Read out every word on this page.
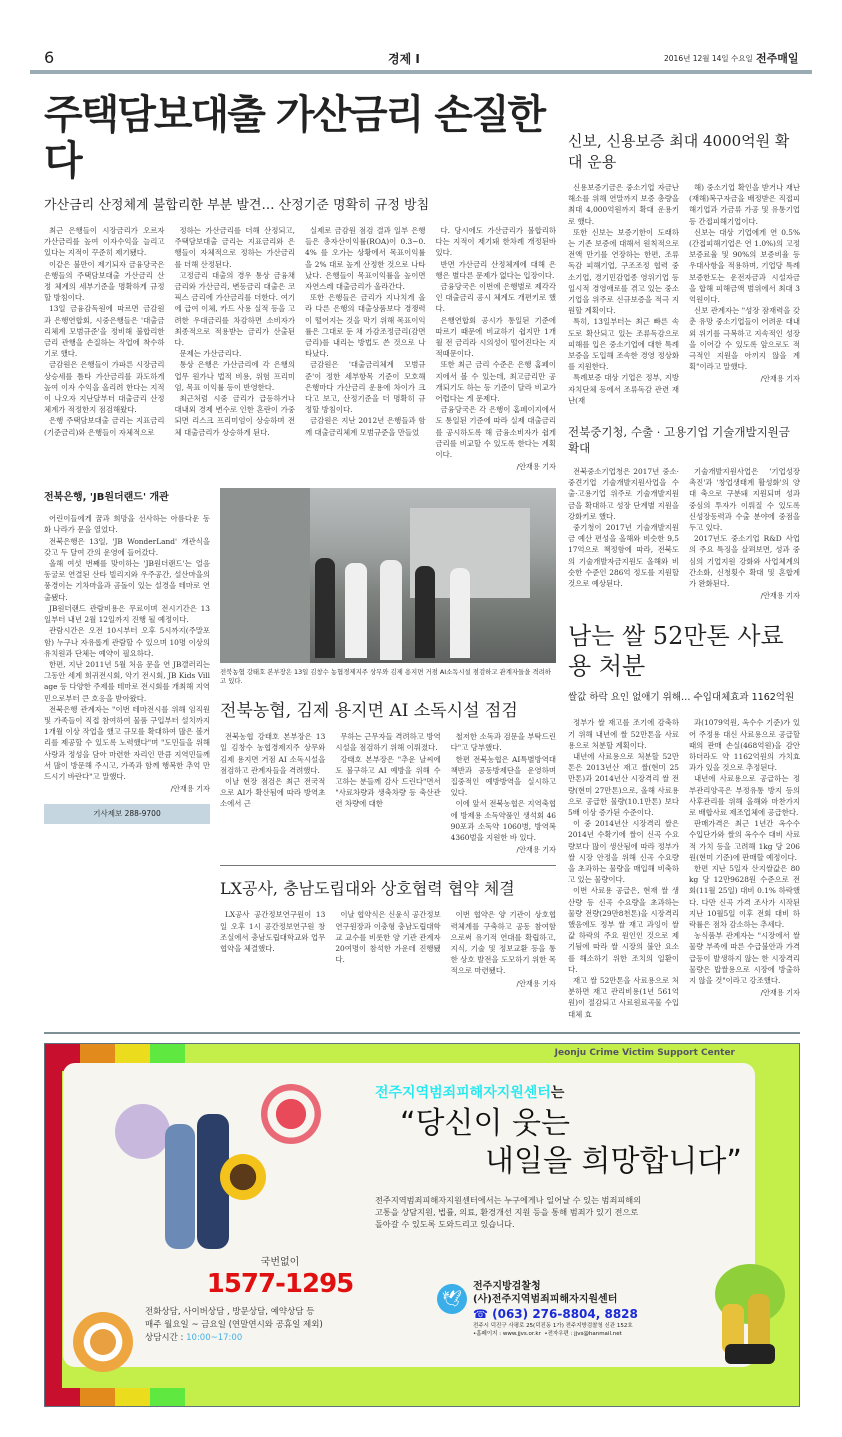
6	경제 I	2016년 12월 14일 수요일 전주매일
주택담보대출 가산금리 손질한다
가산금리 산정체계 불합리한 부분 발견… 산정기준 명확히 규정 방침

최근 은행들이 시장금리가 오르자 가산금리를 높여 이자수익을 늘리고 있다는 지적이 꾸준히 제기됐다.

이같은 불만이 제기되자 금융당국은 은행들의 주택담보대출 가산금리 산정 체계의 세부기준을 명확하게 규정할 방침이다.

13일 금융감독원에 따르면 금감원과 은행연합회, 시중은행들은 '대출금리체계 모범규준'을 정비해 불합리한 금리 관행을 손질하는 작업에 착수하기로 했다.

금감원은 은행들이 가파른 시장금리 상승세를 틈타 가산금리를 과도하게 높여 이자 수익을 올리려 한다는 지적이 나오자 지난달부터 대출금리 산정체계가 적정한지 점검해왔다.

은행 주택담보대출 금리는 지표금리(기준금리)와 은행들이 자체적으로

정하는 가산금리를 더해 산정되고, 주택담보대출 금리는 지표금리와 은행들이 자체적으로 정하는 가산금리를 더해 산정된다.

고정금리 대출의 경우 통상 금융채 금리와 가산금리, 변동금리 대출은 코픽스 금리에 가산금리를 더한다. 여기에 급여 이체, 카드 사용 실적 등을 고려한 우대금리를 차감하면 소비자가 최종적으로 적용받는 금리가 산출된다.

문제는 가산금리다.

통상 은행은 가산금리에 각 은행의 업무 원가나 법적 비용, 위험 프리미엄, 목표 이익률 등이 반영한다.

최근처럼 시중 금리가 급등하거나 대내외 경제 변수로 인한 혼란이 가중되면 리스크 프리미엄이 상승하며 전체 대출금리가 상승하게 된다.

실제로 금감원 점검 결과 일부 은행들은 총자산이익률(ROA)이 0.3~0.4% 를 오가는 상황에서 목표이익률을 2% 대로 높게 산정한 것으로 나타났다. 은행들이 목표이익률을 높이면 자연스레 대출금리가 올라간다.

또한 은행들은 금리가 지나치게 올라 다른 은행의 대출상품보다 경쟁력이 떨어지는 것을 막기 위해 목표이익률은 그대로 둔 채 가감조정금리(감면금리)를 내리는 방법도 쓴 것으로 나타났다.

금감원은 '대출금리체계 모범규준'이 정한 세부항목 기준이 모호해 은행마다 가산금리 운용에 차이가 크다고 보고, 산정기준을 더 명확히 규정할 방침이다.

금감원은 지난 2012년 은행들과 함께 대출금리체계 모범규준을 만들었

다. 당시에도 가산금리가 불합리하다는 지적이 제기돼 한차례 개정된바 있다.

반면 가산금리 산정체계에 대해 은행은 별다른 문제가 없다는 입장이다.

금융당국은 이번에 은행별로 제각각인 대출금리 공시 체계도 개편키로 했다.

은행연합회 공시가 통일된 기준에 따르기 때문에 비교하기 쉽지만 1개월 전 금리라 시의성이 떨어진다는 지적때문이다.

또한 최근 금리 수준은 은행 홈페이지에서 볼 수 있는데, 최고금리만 공개되기도 하는 등 기준이 달라 비교가 어렵다는 게 문제다.

금융당국은 각 은행이 홈페이지에서도 통일된 기준에 따라 실제 대출금리를 공시하도록 해 금융소비자가 쉽게 금리를 비교할 수 있도록 한다는 계획이다.

/안재용 기자
전북은행, 'JB원더랜드' 개관

어린이들에게 꿈과 희망을 선사하는 아름다운 동화 나라가 문을 열었다.

전북은행은 13일, 'JB WonderLand' 개관식을 갖고 두 달여 간의 운영에 들어갔다.

올해 여섯 번째를 맞이하는 'JB원더랜드'는 얼음 동굴로 연결된 산타 빌리지와 우주공간, 설산마을의 풍경이는 기차마을과 곰돌이 있는 설경을 테마로 연출됐다.

JB원더랜드 관람비용은 무료이며 전시기간은 13일부터 내년 2월 12일까지 진행 될 예정이다.

관람시간은 오전 10시부터 오후 5시까지(주말포함) 누구나 자유롭게 관람할 수 있으며 10명 이상의 유치원과 단체는 예약이 필요하다.

한편, 지난 2011년 5월 처음 문을 연 JB갤러리는 그동안 세계 희귀전시회, 악기 전시회, JB Kids Village 등 다양한 주제를 테마로 전시회를 개최해 지역민으로부터 큰 호응을 받아왔다.

전북은행 관계자는 "이번 테마전시를 위해 임직원 및 가족들이 직접 참여하여 물품 구입부터 설치까지 1개월 이상 작업을 했고 규모를 확대하여 많은 볼거리를 제공할 수 있도록 노력했다"며 "도민들을 위해 사랑과 정성을 담아 마련한 자리인 만큼 지역민들께서 많이 방문해 주시고, 가족과 함께 행복한 추억 만드시기 바란다"고 말했다.

/안재용 기자
기사제보 288-9700
전북농협 강태호 본부장은 13일 김창수 농협경제지주 상무와 김제 용지면 거점 AI소독시설 점검하고 관계자들을 격려하고 있다.
전북농협, 김제 용지면 AI 소독시설 점검

전북농협 강태호 본부장은 13일 김창수 농협경제지주 상무와 김제 용지면 거점 AI 소독시설을 점검하고 관계자들을 격려했다.

이날 현장 점검은 최근 전국적으로 AI가 확산됨에 따라 방역초소에서 근

무하는 근무자들 격려하고 방역시설을 점검하기 위해 이뤄졌다.

강태호 본부장은 "추운 날씨에도 불구하고 AI 예방을 위해 수고하는 분들께 감사 드린다"면서 "사료차량과 생축차량 등 축산관련 차량에 대한

철저한 소독과 검문을 부탁드린다"고 당부했다.

한편 전북농협은 AI특별방역대책반과 공동방제단을 운영하며 집중적인 예방방역을 실시하고 있다.

이에 앞서 전북농협은 지역축협에 방제용 소독약품인 생석회 4690포과 소독약 1060병, 방역복 4360벌을 지원한 바 있다.

/안재용 기자
LX공사, 충남도립대와 상호협력 협약 체결

LX공사 공간정보연구원이 13일 오후 1시 공간정보연구원 창조실에서 충남도립대학교와 업무협약을 체결했다.

이날 협약식은 신윤식 공간정보연구원장과 이충형 충남도립대학교 교수를 비롯한 양 기관 관계자 20여명이 참석한 가운데 진행됐다.

이번 협약은 양 기관이 상호협력체계를 구축하고 공동 참여함으로써 유기적 연대를 확립하고, 지식, 기술 및 정보교환 등을 통한 상호 발전을 도모하기 위한 목적으로 마련됐다.

/안재용 기자
신보, 신용보증 최대 4000억원 확대 운용

신용보증기금은 중소기업 자금난 해소를 위해 연말까지 보증 총량을 최대 4,000억원까지 확대 운용키로 했다.

또한 신보는 보증기한이 도래하는 기존 보증에 대해서 원칙적으로 전액 만기를 연장하는 한편, 조류독감 피해기업, 구조조정 협력 중소기업, 경기민감업종 영위기업 등 일시적 경영애로를 겪고 있는 중소기업을 위주로 신규보증을 적극 지원할 계획이다.

특히, 13일부터는 최근 빠른 속도로 확산되고 있는 조류독감으로 피해를 입은 중소기업에 대한 특례보증을 도입해 조속한 경영 정상화를 지원한다.

특례보증 대상 기업은 정부, 지방자치단체 등에서 조류독감 관련 재난(재

해) 중소기업 확인을 받거나 재난(재해)복구자금을 배정받은 직접피해기업과 가금류 가공 및 유통기업 등 간접피해기업이다.

신보는 대상 기업에게 연 0.5%(간접피해기업은 연 1.0%)의 고정보증료율 및 90%의 보증비율 등 우대사항을 적용하며, 기업당 특례보증한도는 운전자금과 시설자금을 합해 피해금액 범위에서 최대 3억원이다.

신보 관계자는 "성장 잠재력을 갖춘 유망 중소기업들이 어려운 대내외 위기를 극복하고 지속적인 성장을 이어갈 수 있도록 앞으로도 적극적인 지원을 아끼지 않을 계획"이라고 말했다.

/안재용 기자
전북중기청, 수출 · 고용기업 기술개발지원금 확대

전북중소기업청은 2017년 중소·중견기업 기술개발지원사업을 수출·고용기업 위주로 기술개발지원금을 확대하고 성장 단계별 지원을 강화키로 했다.

중기청이 2017년 기술개발지원금 예산 편성을 올해와 비슷한 9,517억으로 책정함에 따라, 전북도의 기술개발자금지원도 올해와 비슷한 수준인 286억 정도를 지원할 것으로 예상된다.

기술개발지원사업은 '기업성장 촉진'과 '창업생태계 활성화'의 양대 축으로 구분돼 지원되며 성과 중심의 투자가 이뤄질 수 있도록 신성장동력과 수출 분야에 중점을 두고 있다.

2017년도 중소기업 R&D 사업의 주요 특징을 살펴보면, 성과 중심의 기업지원 강화와 사업체계의 간소화, 신청횟수 확대 및 혼합계가 완화된다.

/안재용 기자
남는 쌀 52만톤 사료용 처분
쌀값 하락 요인 없애기 위해… 수입대체효과 1162억원

정부가 쌀 재고를 조기에 감축하기 위해 내년에 쌀 52만톤을 사료용으로 처분할 계획이다.

내년에 사료용으로 처분할 52만톤은 2013년산 재고 쌀(현미 25만톤)과 2014년산 시장격리 쌀 전량(현미 27만톤)으로, 올해 사료용으로 공급한 물량(10.1만톤) 보다 5배 이상 증가된 수준이다.

이 중 2014년산 시장격리 쌀은 2014년 수확기에 쌀이 신곡 수요량보다 많이 생산됨에 따라 정부가 쌀 시장 안정을 위해 신곡 수요량을 초과하는 물량을 매입해 비축하고 있는 물량이다.

이번 사료용 공급은, 현재 쌀 생산량 등 신곡 수요량을 초과하는 물량 전량(29만8천톤)을 시장격리했음에도 정부 쌀 재고 과잉이 쌀값 하락의 주요 원인인 것으로 제기됨에 따라 쌀 시장의 불안 요소를 해소하기 위한 조치의 일환이다.

재고 쌀 52만톤을 사료용으로 처분하면 재고 관리비용(1년 561억원)이 절감되고 사료원료곡물 수입대체 효

과(1079억원, 옥수수 기준)가 있어 주정용 대신 사료용으로 공급할 때의 판매 손실(468억원)을 감안하더라도 약 1162억원의 가치효과가 있을 것으로 추정된다.

내년에 사료용으로 공급하는 정부관리양곡은 부정유통 방지 등의 사후관리를 위해 올해와 마찬가지로 배합사료 제조업체에 공급한다.

판매가격은 최근 1년간 옥수수 수입단가와 쌀의 옥수수 대비 사료적 가치 등을 고려해 1kg 당 206원(현미 기준)에 판매할 예정이다.

한편 지난 5일자 산지쌀값은 80kg 당 12만9628원 수준으로 전회(11월 25일) 대비 0.1% 하락했다. 다만 신곡 가격 조사가 시작된 지난 10월5일 이후 전회 대비 하락률은 점차 감소하는 추세다.

농식품부 관계자는 "시장에서 쌀 물량 부족에 따른 수급불안과 가격 급등이 발생하지 않는 한 시장격리 물량은 밥쌀용으로 시장에 방출하지 않을 것"이라고 강조했다.

/안재용 기자
Jeonju Crime Victim Support Center
국번없이
1577-1295
전주지역범죄피해자지원센터는
“당신이 웃는
내일을 희망합니다”
전주지역범죄피해자지원센터에서는 누구에게나 일어날 수 있는 범죄피해의
고통을 상담지원, 법률, 의료, 환경개선 지원 등을 통해 범죄가 있기 전으로
돌아갈 수 있도록 도와드리고 있습니다.
전화상담, 사이버상담 , 방문상담, 예약상담 등
매주 월요일 ~ 금요일 (연말연시와 공휴일 제외)
상담시간 : 10:00~17:00
🕊
전주지방검찰청
(사)전주지역범죄피해자지원센터
☎ (063) 276-8804, 8828
전주시 덕진구 사평로 25(덕진동 1가) 전주지방검찰청 신관 152호
•홈페이지 : www.jjvs.or.kr •전자우편 : jjvs@hanmail.net
